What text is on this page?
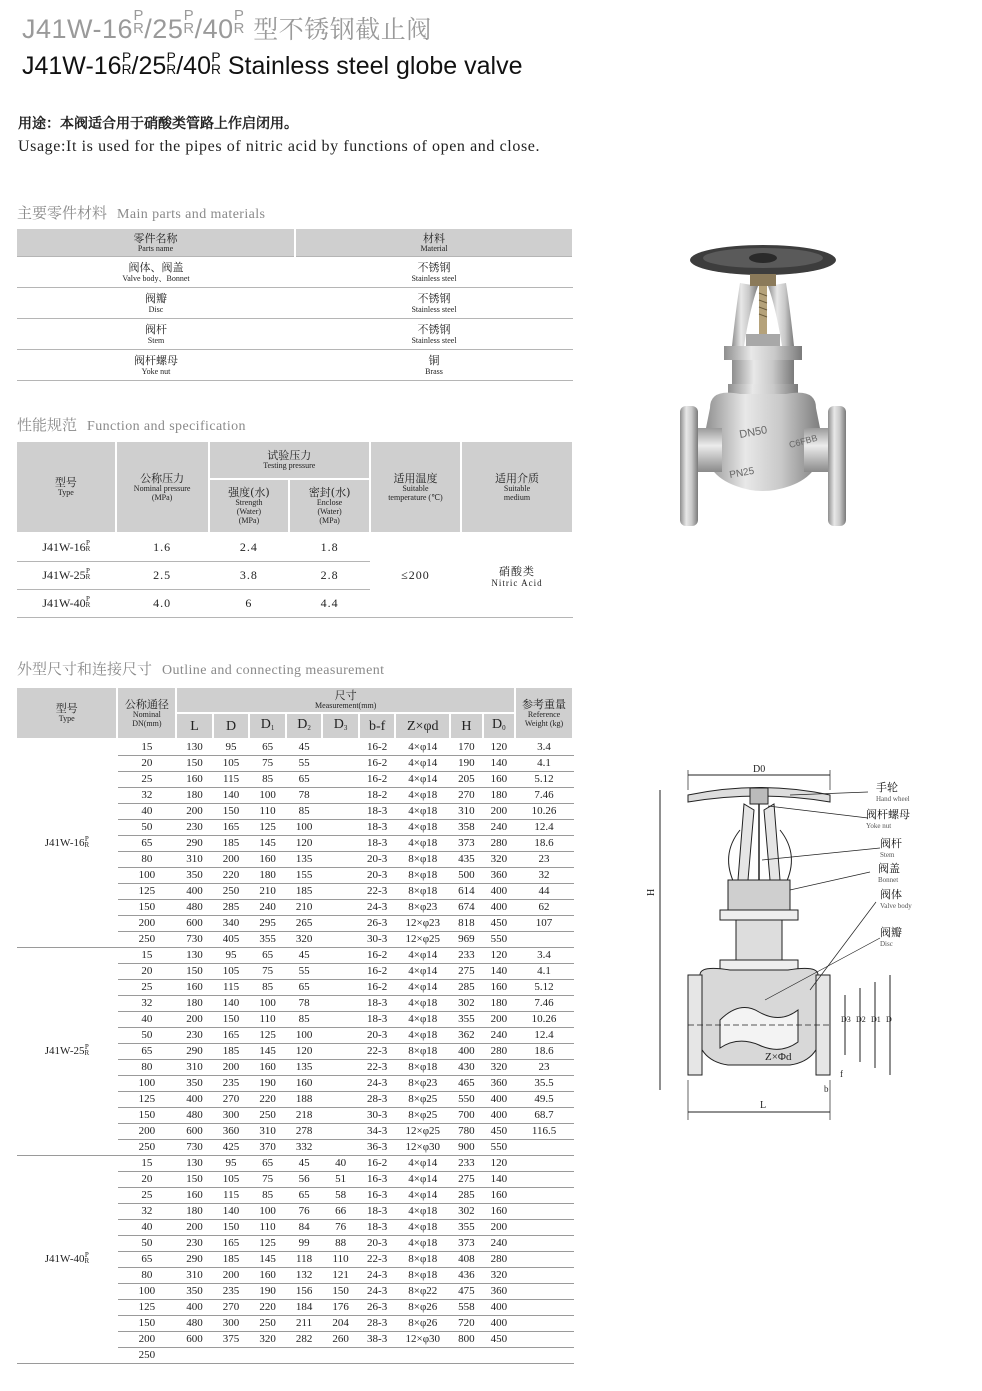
J41W-16 P
R /25 P
R /40 P
R 型不锈钢截止阀
J41W-16 P
R /25 P
R /40 P
R Stainless steel globe valve
用途：本阀适合用于硝酸类管路上作启闭用。
Usage:It is used for the pipes of nitric acid by functions of open and close.
主要零件材料 Main parts and materials
零件名称
Parts name	材料
Material

阀体、阀盖
Valve body、Bonnet	不锈钢
Stainless steel

阀瓣
Disc	不锈钢
Stainless steel

阀杆
Stem	不锈钢
Stainless steel

阀杆螺母
Yoke nut	铜
Brass
性能规范 Function and specification
型号
Type	公称压力
Nominal pressure (MPa)	试验压力
Testing pressure		适用温度
Suitable temperature (℃)	适用介质
Suitable medium

		强度(水)
Strength (Water) (MPa)	密封(水)
Enclose (Water) (MPa)		

J41W-16 P
R	1.6	2.4	1.8	≤200	硝酸类
Nitric Acid

J41W-25 P
R	2.5	3.8	2.8		
J41W-40 P
R	4.0	6	4.4		
外型尺寸和连接尺寸 Outline and connecting measurement
型号
Type	公称通径
Nominal DN(mm)	尺寸
Measurement(mm)									参考重量
Reference Weight (kg)

		L	D	$D_1$	$D_2$	$D_3$	b-f	Z×φd	H	$D_0$
J41W-16 P
R	15	130	95	65	45		16-2	4×φ14	170	120	3.4
	20	150	105	75	55		16-2	4×φ14	190	140	4.1
	25	160	115	85	65		16-2	4×φ14	205	160	5.12
	32	180	140	100	78		18-2	4×φ18	270	180	7.46
	40	200	150	110	85		18-3	4×φ18	310	200	10.26
	50	230	165	125	100		18-3	4×φ18	358	240	12.4
	65	290	185	145	120		18-3	4×φ18	373	280	18.6
	80	310	200	160	135		20-3	8×φ18	435	320	23
	100	350	220	180	155		20-3	8×φ18	500	360	32
	125	400	250	210	185		22-3	8×φ18	614	400	44
	150	480	285	240	210		24-3	8×φ23	674	400	62
	200	600	340	295	265		26-3	12×φ23	818	450	107
	250	730	405	355	320		30-3	12×φ25	969	550	
J41W-25 P
R	15	130	95	65	45		16-2	4×φ14	233	120	3.4
	20	150	105	75	55		16-2	4×φ14	275	140	4.1
	25	160	115	85	65		16-2	4×φ14	285	160	5.12
	32	180	140	100	78		18-3	4×φ18	302	180	7.46
	40	200	150	110	85		18-3	4×φ18	355	200	10.26
	50	230	165	125	100		20-3	4×φ18	362	240	12.4
	65	290	185	145	120		22-3	8×φ18	400	280	18.6
	80	310	200	160	135		22-3	8×φ18	430	320	23
	100	350	235	190	160		24-3	8×φ23	465	360	35.5
	125	400	270	220	188		28-3	8×φ25	550	400	49.5
	150	480	300	250	218		30-3	8×φ25	700	400	68.7
	200	600	360	310	278		34-3	12×φ25	780	450	116.5
	250	730	425	370	332		36-3	12×φ30	900	550	
J41W-40 P
R	15	130	95	65	45	40	16-2	4×φ14	233	120	
	20	150	105	75	56	51	16-3	4×φ14	275	140	
	25	160	115	85	65	58	16-3	4×φ14	285	160	
	32	180	140	100	76	66	18-3	4×φ18	302	160	
	40	200	150	110	84	76	18-3	4×φ18	355	200	
	50	230	165	125	99	88	20-3	4×φ18	373	240	
	65	290	185	145	118	110	22-3	8×φ18	408	280	
	80	310	200	160	132	121	24-3	8×φ18	436	320	
	100	350	235	190	156	150	24-3	8×φ22	475	360	
	125	400	270	220	184	176	26-3	8×φ26	558	400	
	150	480	300	250	211	204	28-3	8×φ26	720	400	
	200	600	375	320	282	260	38-3	12×φ30	800	450	
	250										
DN50
PN25
C6FBB
D0
H
D3 D2 D1 D
Z×Φd
f
b
L
手轮
Hand wheel
阀杆螺母
Yoke nut
阀杆
Stem
阀盖
Bonnet
阀体
Valve body
阀瓣
Disc
